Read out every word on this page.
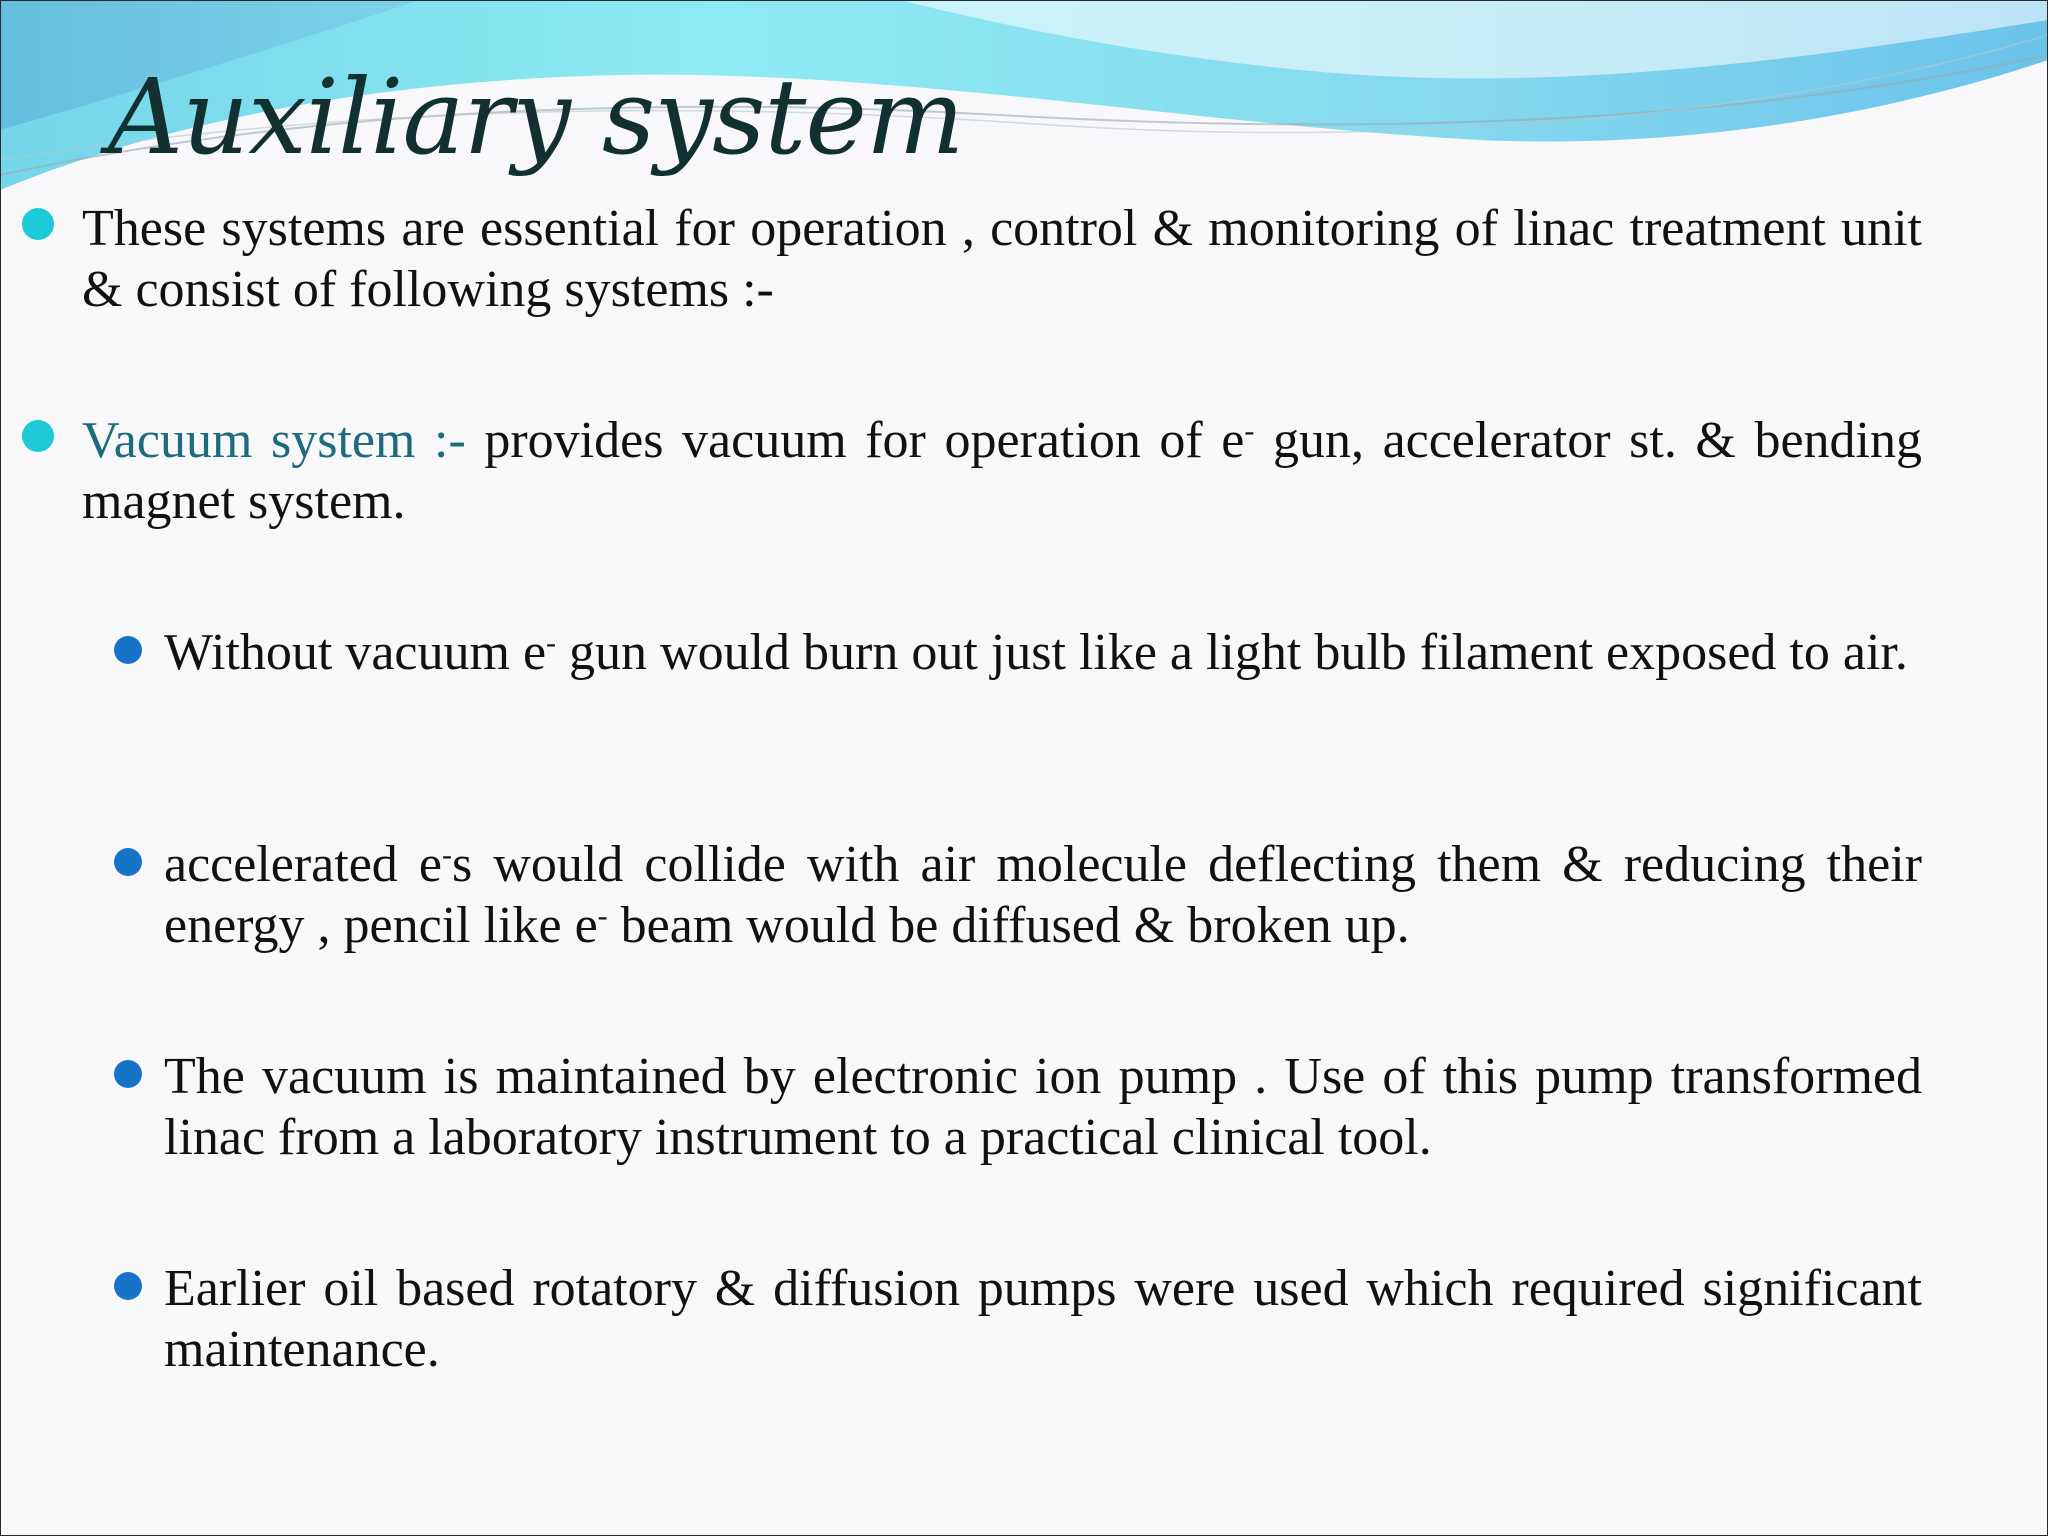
Auxiliary system

These systems are essential for operation , control & monitoring of linac treatment unit & consist of following systems :-

Vacuum system :- provides vacuum for operation of e- gun, accelerator st. & bending magnet system.

Without vacuum e- gun would burn out just like a light bulb filament exposed to air.

accelerated e-s would collide with air molecule deflecting them & reducing their energy , pencil like e- beam would be diffused & broken up.

The vacuum is maintained by electronic ion pump . Use of this pump transformed linac from a laboratory instrument to a practical clinical tool.

Earlier oil based rotatory & diffusion pumps were used which required significant maintenance.
